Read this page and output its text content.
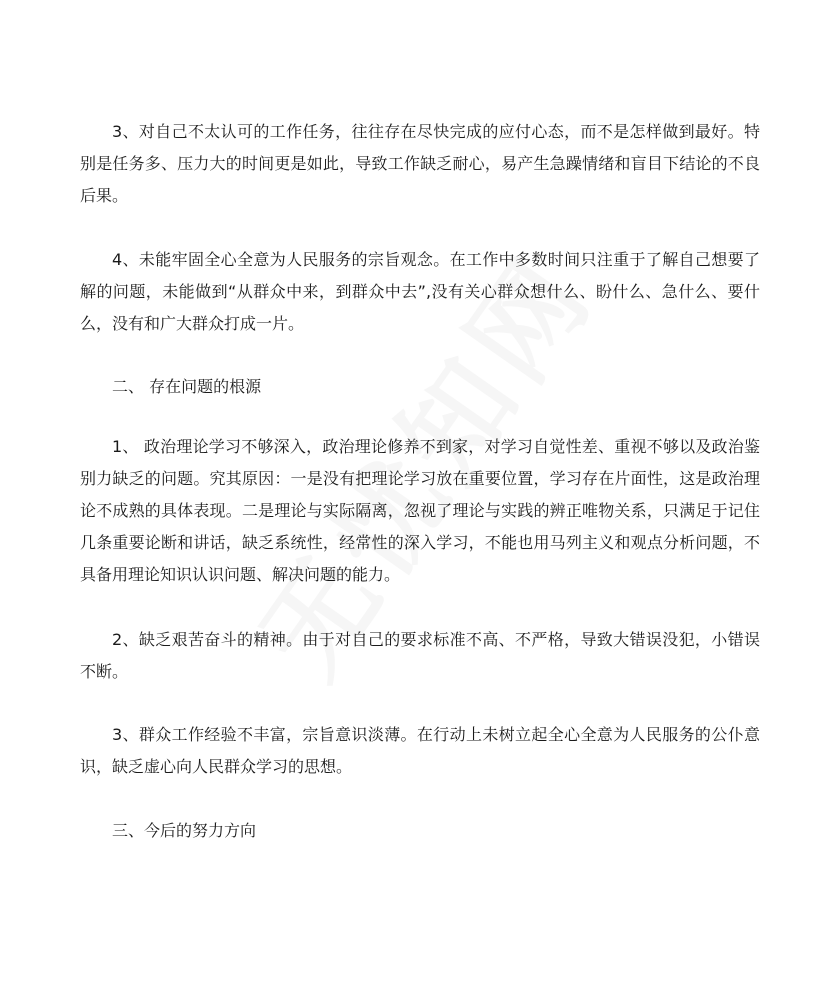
3、对自己不太认可的工作任务，往往存在尽快完成的应付心态，而不是怎样做到最好。特别是任务多、压力大的时间更是如此，导致工作缺乏耐心，易产生急躁情绪和盲目下结论的不良后果。

4、未能牢固全心全意为人民服务的宗旨观念。在工作中多数时间只注重于了解自己想要了解的问题，未能做到“从群众中来，到群众中去”,没有关心群众想什么、盼什么、急什么、要什么，没有和广大群众打成一片。

二、 存在问题的根源

1、 政治理论学习不够深入，政治理论修养不到家，对学习自觉性差、重视不够以及政治鉴别力缺乏的问题。究其原因：一是没有把理论学习放在重要位置，学习存在片面性，这是政治理论不成熟的具体表现。二是理论与实际隔离，忽视了理论与实践的辨正唯物关系，只满足于记住几条重要论断和讲话，缺乏系统性，经常性的深入学习，不能也用马列主义和观点分析问题，不具备用理论知识认识问题、解决问题的能力。

2、缺乏艰苦奋斗的精神。由于对自己的要求标准不高、不严格，导致大错误没犯，小错误不断。

3、群众工作经验不丰富，宗旨意识淡薄。在行动上未树立起全心全意为人民服务的公仆意识，缺乏虚心向人民群众学习的思想。

三、今后的努力方向
